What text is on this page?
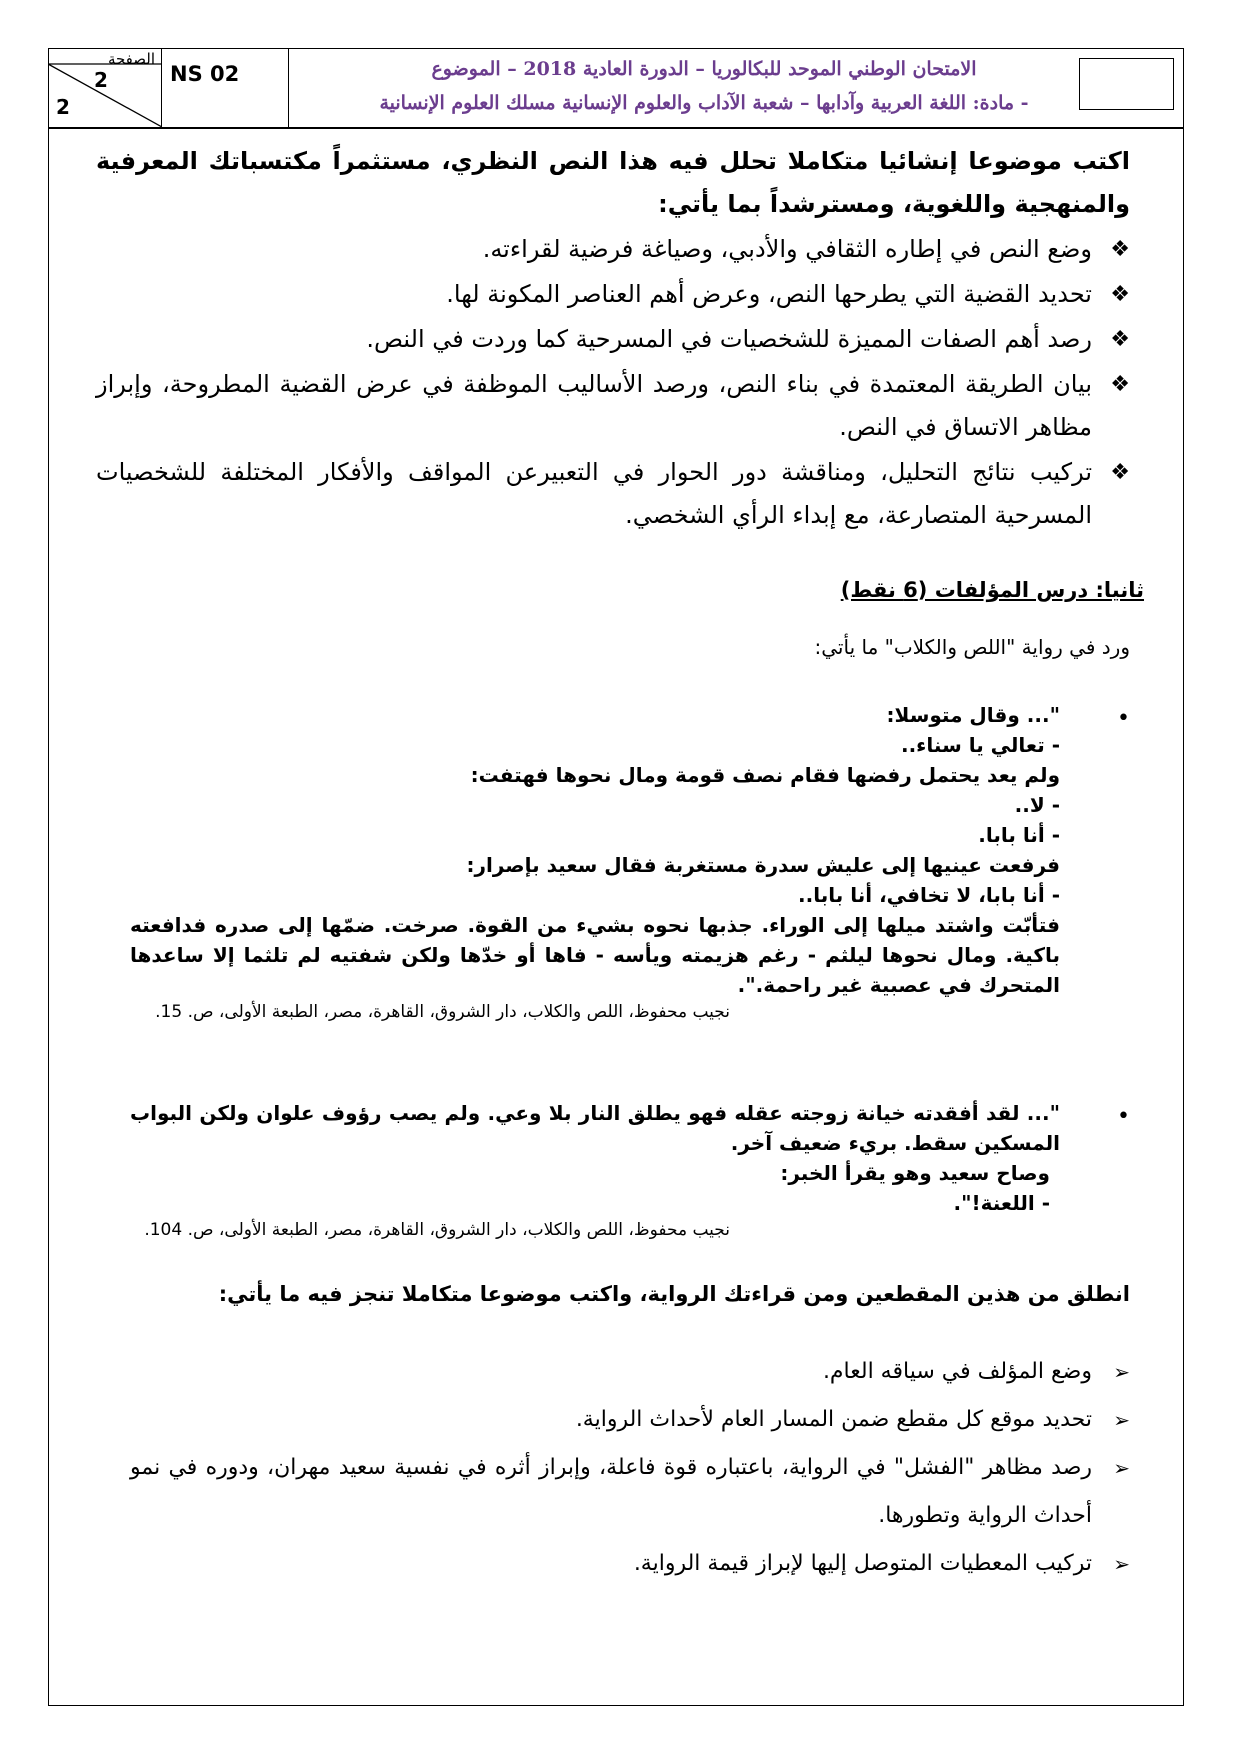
الصفحة
2
2
NS 02	الامتحان الوطني الموحد للبكالوريا – الدورة العادية 2018 – الموضوع
- مادة: اللغة العربية وآدابها – شعبة الآداب والعلوم الإنسانية مسلك العلوم الإنسانية

اكتب موضوعا إنشائيا متكاملا تحلل فيه هذا النص النظري، مستثمراً مكتسباتك المعرفية والمنهجية واللغوية، ومسترشداً بما يأتي:

❖
وضع النص في إطاره الثقافي والأدبي، وصياغة فرضية لقراءته.
❖
تحديد القضية التي يطرحها النص، وعرض أهم العناصر المكونة لها.
❖
رصد أهم الصفات المميزة للشخصيات في المسرحية كما وردت في النص.
❖
بيان الطريقة المعتمدة في بناء النص، ورصد الأساليب الموظفة في عرض القضية المطروحة، وإبراز مظاهر الاتساق في النص.
❖
تركيب نتائج التحليل، ومناقشة دور الحوار في التعبيرعن المواقف والأفكار المختلفة للشخصيات المسرحية المتصارعة، مع إبداء الرأي الشخصي.
ثانيا: درس المؤلفات (6 نقط)
ورد في رواية "اللص والكلاب" ما يأتي:
•
"... وقال متوسلا:
- تعالي يا سناء..
ولم يعد يحتمل رفضها فقام نصف قومة ومال نحوها فهتفت:
- لا..
- أنا بابا.
فرفعت عينيها إلى عليش سدرة مستغربة فقال سعيد بإصرار:
- أنا بابا، لا تخافي، أنا بابا..
فتأبّت واشتد ميلها إلى الوراء. جذبها نحوه بشيء من القوة. صرخت. ضمّها إلى صدره فدافعته باكية. ومال نحوها ليلثم - رغم هزيمته ويأسه - فاها أو خدّها ولكن شفتيه لم تلثما إلا ساعدها المتحرك في عصبية غير راحمة.".
نجيب محفوظ، اللص والكلاب، دار الشروق، القاهرة، مصر، الطبعة الأولى، ص. 15.
•
"... لقد أفقدته خيانة زوجته عقله فهو يطلق النار بلا وعي. ولم يصب رؤوف علوان ولكن البواب المسكين سقط. بريء ضعيف آخر.
وصاح سعيد وهو يقرأ الخبر:
- اللعنة!".
نجيب محفوظ، اللص والكلاب، دار الشروق، القاهرة، مصر، الطبعة الأولى، ص. 104.
انطلق من هذين المقطعين ومن قراءتك الرواية، واكتب موضوعا متكاملا تنجز فيه ما يأتي:
➢
وضع المؤلف في سياقه العام.
➢
تحديد موقع كل مقطع ضمن المسار العام لأحداث الرواية.
➢
رصد مظاهر "الفشل" في الرواية، باعتباره قوة فاعلة، وإبراز أثره في نفسية سعيد مهران، ودوره في نمو أحداث الرواية وتطورها.
➢
تركيب المعطيات المتوصل إليها لإبراز قيمة الرواية.
